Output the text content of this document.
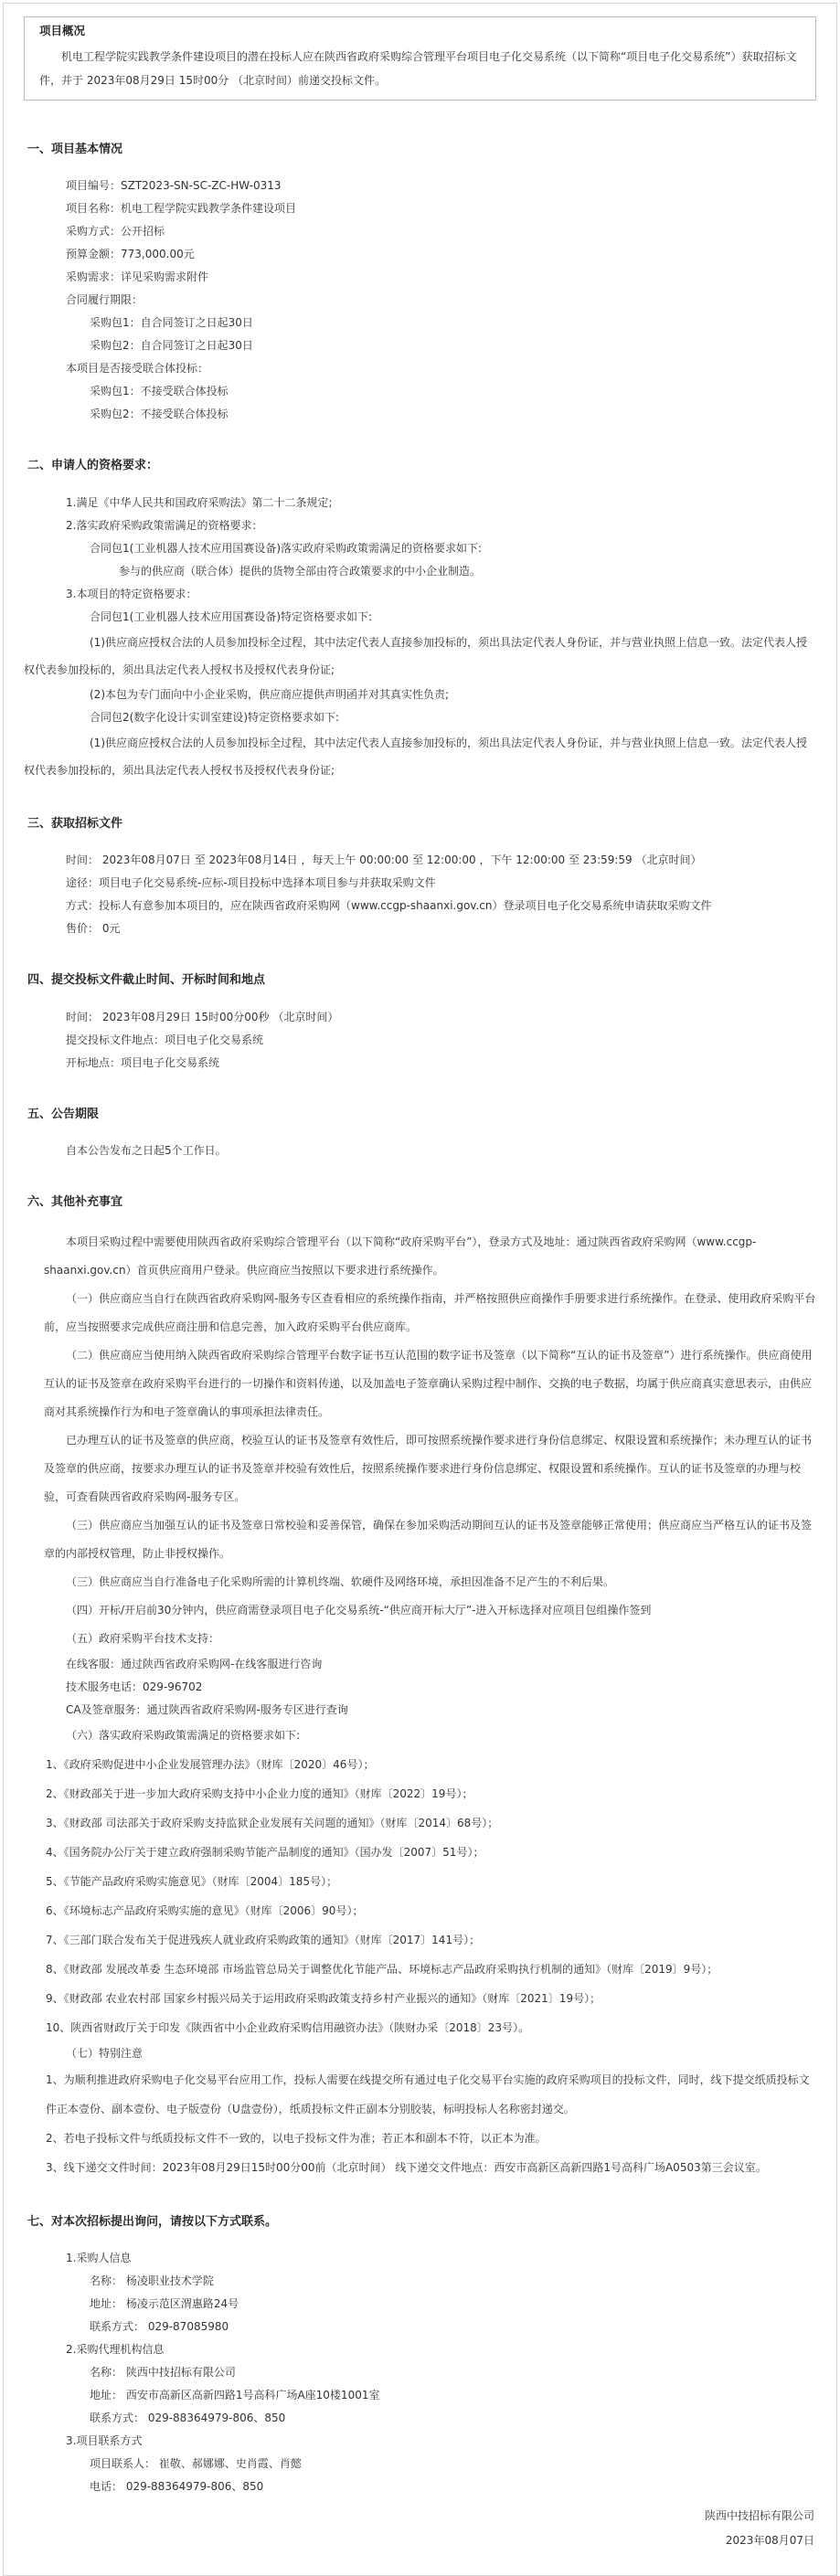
项目概况
机电工程学院实践教学条件建设项目的潜在投标人应在陕西省政府采购综合管理平台项目电子化交易系统（以下简称“项目电子化交易系统”）获取招标文件，并于 2023年08月29日 15时00分 （北京时间）前递交投标文件。
一、项目基本情况
项目编号：SZT2023-SN-SC-ZC-HW-0313
项目名称：机电工程学院实践教学条件建设项目
采购方式：公开招标
预算金额：773,000.00元
采购需求：详见采购需求附件
合同履行期限：
采购包1：自合同签订之日起30日
采购包2：自合同签订之日起30日
本项目是否接受联合体投标：
采购包1：不接受联合体投标
采购包2：不接受联合体投标
二、申请人的资格要求：
1.满足《中华人民共和国政府采购法》第二十二条规定;
2.落实政府采购政策需满足的资格要求：
合同包1(工业机器人技术应用国赛设备)落实政府采购政策需满足的资格要求如下:
参与的供应商（联合体）提供的货物全部由符合政策要求的中小企业制造。
3.本项目的特定资格要求：
合同包1(工业机器人技术应用国赛设备)特定资格要求如下:
(1)供应商应授权合法的人员参加投标全过程，其中法定代表人直接参加投标的，须出具法定代表人身份证，并与营业执照上信息一致。法定代表人授权代表参加投标的，须出具法定代表人授权书及授权代表身份证;
(2)本包为专门面向中小企业采购，供应商应提供声明函并对其真实性负责;
合同包2(数字化设计实训室建设)特定资格要求如下:
(1)供应商应授权合法的人员参加投标全过程，其中法定代表人直接参加投标的，须出具法定代表人身份证，并与营业执照上信息一致。法定代表人授权代表参加投标的，须出具法定代表人授权书及授权代表身份证;
三、获取招标文件
时间： 2023年08月07日 至 2023年08月14日 ，每天上午 00:00:00 至 12:00:00 ，下午 12:00:00 至 23:59:59 （北京时间）
途径：项目电子化交易系统-应标-项目投标中选择本项目参与并获取采购文件
方式：投标人有意参加本项目的，应在陕西省政府采购网（www.ccgp-shaanxi.gov.cn）登录项目电子化交易系统申请获取采购文件
售价： 0元
四、提交投标文件截止时间、开标时间和地点
时间： 2023年08月29日 15时00分00秒 （北京时间）
提交投标文件地点：项目电子化交易系统
开标地点：项目电子化交易系统
五、公告期限
自本公告发布之日起5个工作日。
六、其他补充事宜
本项目采购过程中需要使用陕西省政府采购综合管理平台（以下简称“政府采购平台”），登录方式及地址：通过陕西省政府采购网（www.ccgp-shaanxi.gov.cn）首页供应商用户登录。供应商应当按照以下要求进行系统操作。
（一）供应商应当自行在陕西省政府采购网-服务专区查看相应的系统操作指南，并严格按照供应商操作手册要求进行系统操作。在登录、使用政府采购平台前，应当按照要求完成供应商注册和信息完善，加入政府采购平台供应商库。
（二）供应商应当使用纳入陕西省政府采购综合管理平台数字证书互认范围的数字证书及签章（以下简称“互认的证书及签章”）进行系统操作。供应商使用互认的证书及签章在政府采购平台进行的一切操作和资料传递，以及加盖电子签章确认采购过程中制作、交换的电子数据，均属于供应商真实意思表示，由供应商对其系统操作行为和电子签章确认的事项承担法律责任。
已办理互认的证书及签章的供应商，校验互认的证书及签章有效性后，即可按照系统操作要求进行身份信息绑定、权限设置和系统操作；未办理互认的证书及签章的供应商，按要求办理互认的证书及签章并校验有效性后，按照系统操作要求进行身份信息绑定、权限设置和系统操作。互认的证书及签章的办理与校验，可查看陕西省政府采购网-服务专区。
（三）供应商应当加强互认的证书及签章日常校验和妥善保管，确保在参加采购活动期间互认的证书及签章能够正常使用；供应商应当严格互认的证书及签章的内部授权管理，防止非授权操作。
（三）供应商应当自行准备电子化采购所需的计算机终端、软硬件及网络环境，承担因准备不足产生的不利后果。
（四）开标/开启前30分钟内，供应商需登录项目电子化交易系统-“供应商开标大厅”-进入开标选择对应项目包组操作签到
（五）政府采购平台技术支持：
在线客服：通过陕西省政府采购网-在线客服进行咨询
技术服务电话：029-96702
CA及签章服务：通过陕西省政府采购网-服务专区进行查询
（六）落实政府采购政策需满足的资格要求如下:
1、《政府采购促进中小企业发展管理办法》（财库〔2020〕46号）；
2、《财政部关于进一步加大政府采购支持中小企业力度的通知》（财库〔2022〕19号）；
3、《财政部 司法部关于政府采购支持监狱企业发展有关问题的通知》（财库〔2014〕68号）；
4、《国务院办公厅关于建立政府强制采购节能产品制度的通知》（国办发〔2007〕51号）；
5、《节能产品政府采购实施意见》（财库〔2004〕185号）；
6、《环境标志产品政府采购实施的意见》（财库〔2006〕90号）；
7、《三部门联合发布关于促进残疾人就业政府采购政策的通知》（财库〔2017〕141号）；
8、《财政部 发展改革委 生态环境部 市场监管总局关于调整优化节能产品、环境标志产品政府采购执行机制的通知》（财库〔2019〕9号）；
9、《财政部 农业农村部 国家乡村振兴局关于运用政府采购政策支持乡村产业振兴的通知》（财库〔2021〕19号）；
10、陕西省财政厅关于印发《陕西省中小企业政府采购信用融资办法》（陕财办采〔2018〕23号）。
（七）特别注意
1、为顺利推进政府采购电子化交易平台应用工作，投标人需要在线提交所有通过电子化交易平台实施的政府采购项目的投标文件，同时，线下提交纸质投标文件正本壹份、副本壹份、电子版壹份（U盘壹份），纸质投标文件正副本分别胶装，标明投标人名称密封递交。
2、若电子投标文件与纸质投标文件不一致的，以电子投标文件为准；若正本和副本不符，以正本为准。
3、线下递交文件时间：2023年08月29日15时00分00前（北京时间） 线下递交文件地点：西安市高新区高新四路1号高科广场A0503第三会议室。
七、对本次招标提出询问，请按以下方式联系。
1.采购人信息
名称： 杨凌职业技术学院
地址： 杨凌示范区渭惠路24号
联系方式： 029-87085980
2.采购代理机构信息
名称： 陕西中技招标有限公司
地址： 西安市高新区高新四路1号高科广场A座10楼1001室
联系方式： 029-88364979-806、850
3.项目联系方式
项目联系人： 崔敬、郝娜娜、史肖霞、肖懿
电话： 029-88364979-806、850
陕西中技招标有限公司
2023年08月07日
